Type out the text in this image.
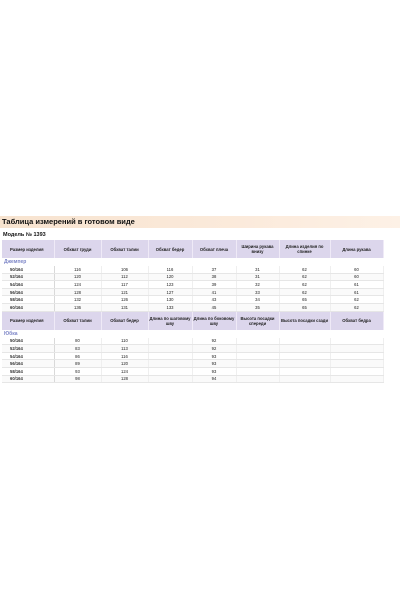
Таблица измерений в готовом виде
Модель № 1393
Размер изделия	Обхват груди	Обхват талии	Обхват бедер	Обхват плеча	Ширина рукава внизу	Длина изделия по спинке	Длина рукава
Джемпер							
50/164	116	106	116	37	31	62	60
52/164	120	112	120	38	31	62	60
54/164	124	117	123	39	32	62	61
56/164	128	121	127	41	33	62	61
58/164	132	126	130	43	34	65	62
60/164	136	131	133	45	35	65	62
Размер изделия	Обхват талии	Обхват бедер	Длина по шаговому шву	Длина по боковому шву	Высота посадки спереди	Высота посадки сзади	Обхват бедра
Юбка							
50/164	80	110		92			
52/164	83	113		92			
54/164	86	116		93			
56/164	89	120		93			
58/164	93	124		93			
60/164	98	128		94			
